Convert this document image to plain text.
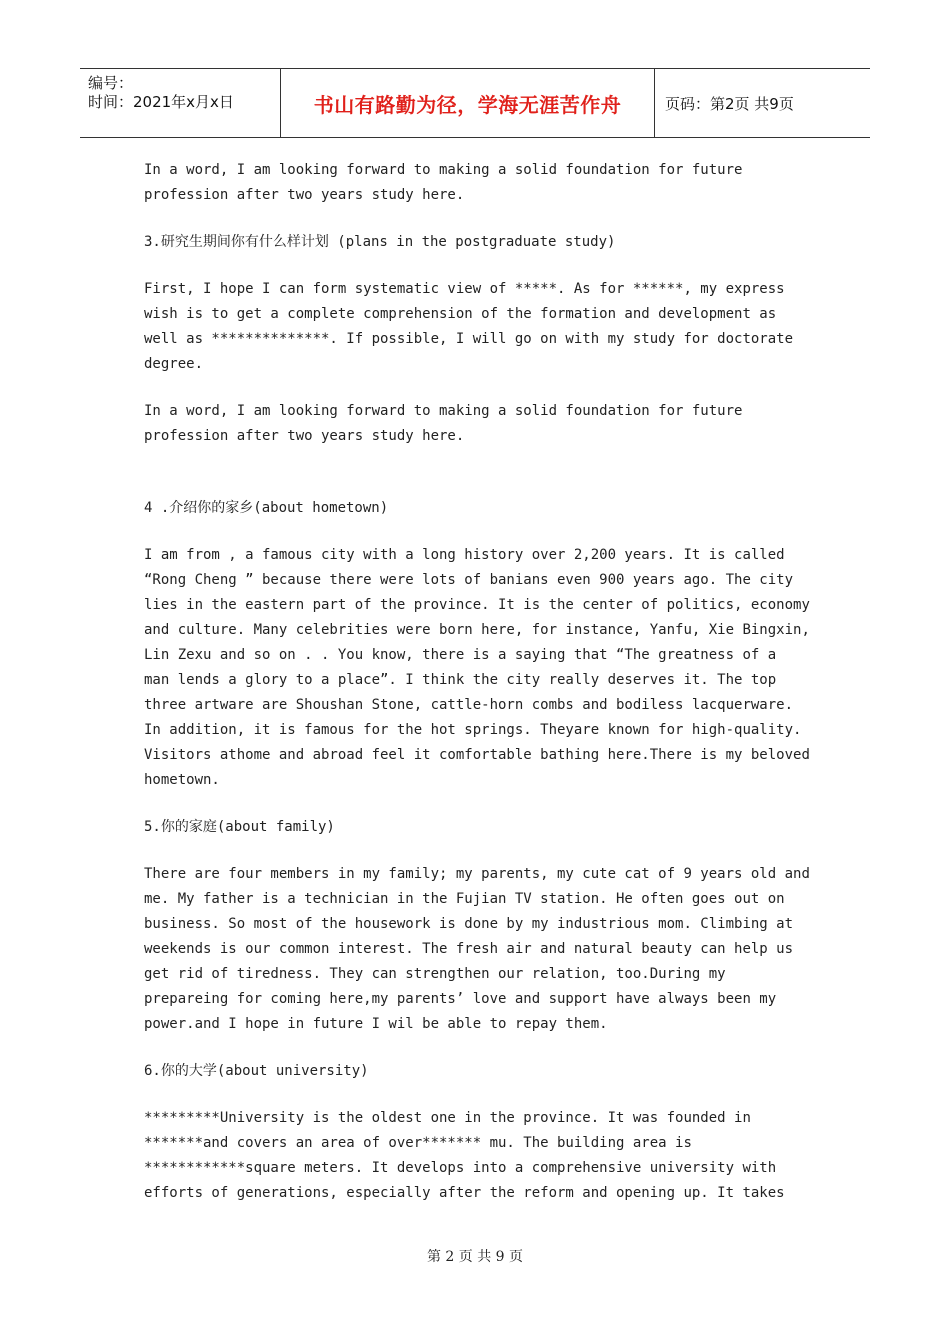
编号：
时间：2021年x月x日	书山有路勤为径，学海无涯苦作舟	页码：第2页 共9页
In a word, I am looking forward to making a solid foundation for future
profession after two years study here.
3.研究生期间你有什么样计划 (plans in the postgraduate study)
First, I hope I can form systematic view of *****. As for ******, my express
wish is to get a complete comprehension of the formation and development as
well as **************. If possible, I will go on with my study for doctorate
degree.
In a word, I am looking forward to making a solid foundation for future
profession after two years study here.
4 .介绍你的家乡(about hometown)
I am from , a famous city with a long history over 2,200 years. It is called
“Rong Cheng ” because there were lots of banians even 900 years ago. The city
lies in the eastern part of the province. It is the center of politics, economy
and culture. Many celebrities were born here, for instance, Yanfu, Xie Bingxin,
Lin Zexu and so on . . You know, there is a saying that “The greatness of a
man lends a glory to a place”. I think the city really deserves it. The top
three artware are Shoushan Stone, cattle-horn combs and bodiless lacquerware.
In addition, it is famous for the hot springs. Theyare known for high-quality.
Visitors athome and abroad feel it comfortable bathing here.There is my beloved
hometown.
5.你的家庭(about family)
There are four members in my family; my parents, my cute cat of 9 years old and
me. My father is a technician in the Fujian TV station. He often goes out on
business. So most of the housework is done by my industrious mom. Climbing at
weekends is our common interest. The fresh air and natural beauty can help us
get rid of tiredness. They can strengthen our relation, too.During my
prepareing for coming here,my parents’ love and support have always been my
power.and I hope in future I wil be able to repay them.
6.你的大学(about university)
*********University is the oldest one in the province. It was founded in
*******and covers an area of over******* mu. The building area is
************square meters. It develops into a comprehensive university with
efforts of generations, especially after the reform and opening up. It takes
第 2 页 共 9 页
